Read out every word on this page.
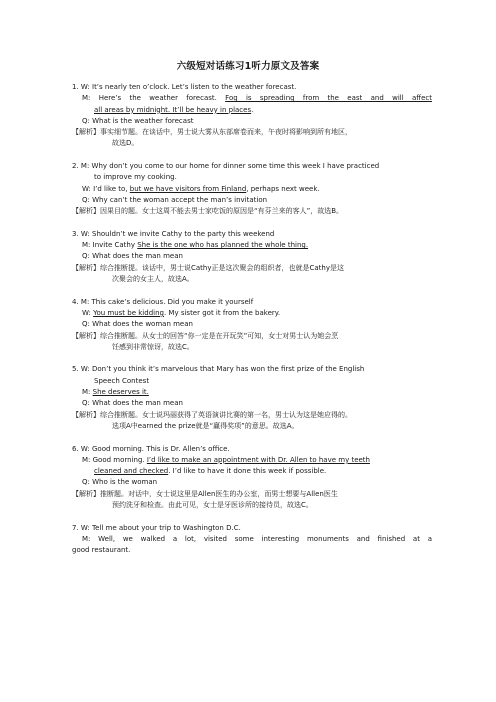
六级短对话练习1听力原文及答案
1. W: It’s nearly ten o’clock. Let’s listen to the weather forecast.
M: Here’s the weather forecast. Fog is spreading from the east and will affect
all areas by midnight. It’ll be heavy in places.
Q: What is the weather forecast
【解析】事实细节题。在谈话中，男士说大雾从东部席卷而来，午夜时将影响到所有地区，
故选D。
2. M: Why don’t you come to our home for dinner some time this week I have practiced
to improve my cooking.
W: I’d like to, but we have visitors from Finland, perhaps next week.
Q: Why can’t the woman accept the man’s invitation
【解析】因果目的题。女士这周不能去男士家吃饭的原因是“有芬兰来的客人”，故选B。
3. W: Shouldn’t we invite Cathy to the party this weekend
M: Invite Cathy She is the one who has planned the whole thing.
Q: What does the man mean
【解析】综合推断提。谈话中，男士说Cathy正是这次聚会的组织者，也就是Cathy是这
次聚会的女主人，故选A。
4. M: This cake’s delicious. Did you make it yourself
W: You must be kidding. My sister got it from the bakery.
Q: What does the woman mean
【解析】综合推断题。从女士的回答“你一定是在开玩笑”可知，女士对男士认为她会烹
饪感到非常惊讶，故选C。
5. W: Don’t you think it’s marvelous that Mary has won the first prize of the English
Speech Contest
M: She deserves it.
Q: What does the man mean
【解析】综合推断题。女士说玛丽获得了英语演讲比赛的第一名，男士认为这是她应得的。
选项A中earned the prize就是“赢得奖项”的意思。故选A。
6. W: Good morning. This is Dr. Allen’s office.
M: Good morning. I’d like to make an appointment with Dr. Allen to have my teeth
cleaned and checked. I’d like to have it done this week if possible.
Q: Who is the woman
【解析】推断题。对话中，女士说这里是Allen医生的办公室，而男士想要与Allen医生
预约洗牙和检查。由此可见，女士是牙医诊所的接待员，故选C。
7. W: Tell me about your trip to Washington D.C.
M: Well, we walked a lot, visited some interesting monuments and finished at a
good restaurant.
